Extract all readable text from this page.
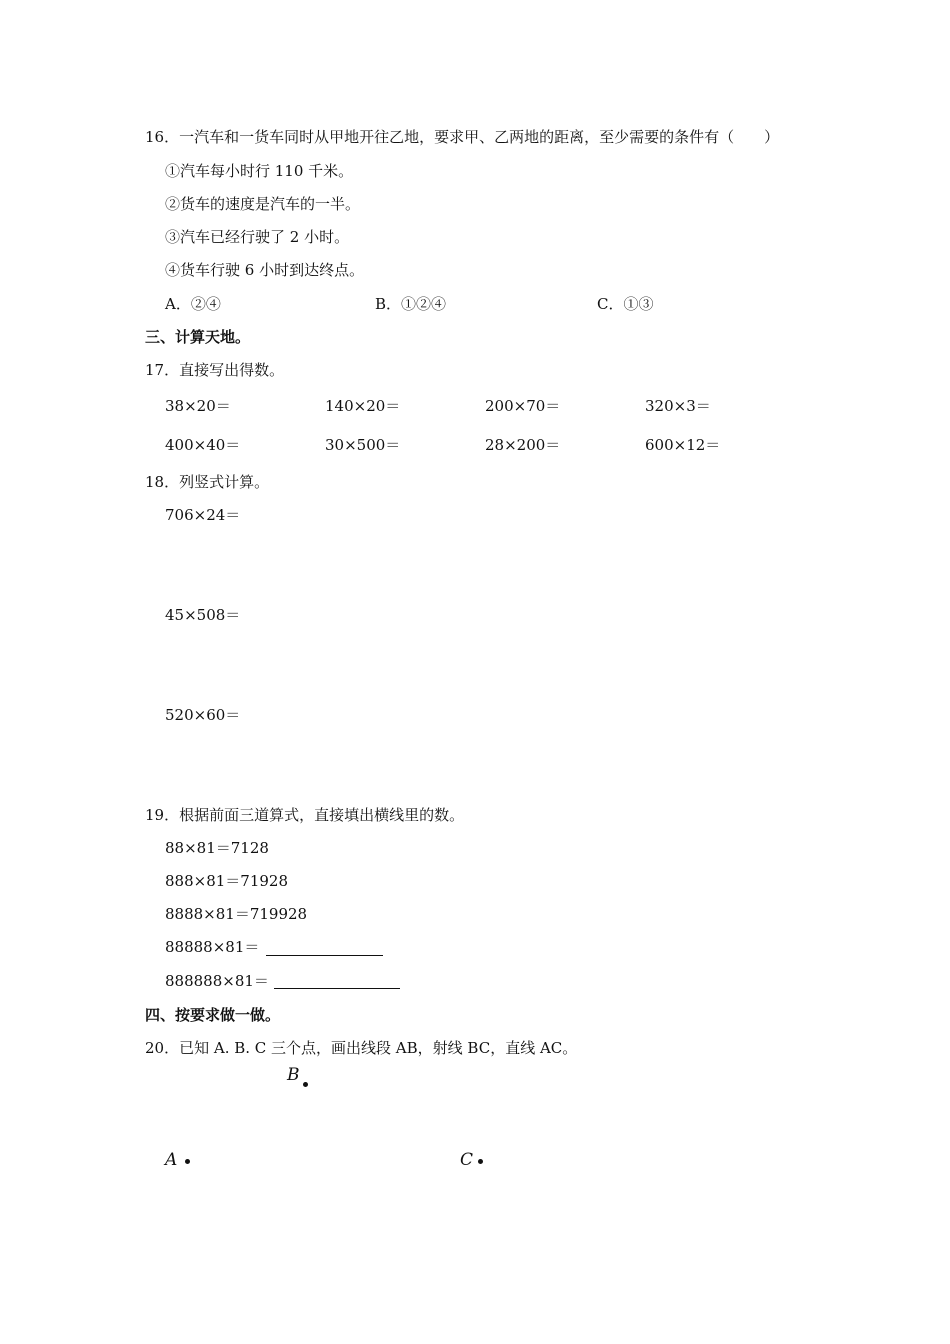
16．一汽车和一货车同时从甲地开往乙地，要求甲、乙两地的距离，至少需要的条件有（　　）
①汽车每小时行 110 千米。
②货车的速度是汽车的一半。
③汽车已经行驶了 2 小时。
④货车行驶 6 小时到达终点。
A．②④	B．①②④	C．①③
三、计算天地。
17．直接写出得数。
38×20＝	140×20＝	200×70＝	320×3＝
400×40＝	30×500＝	28×200＝	600×12＝
18．列竖式计算。
706×24＝
45×508＝
520×60＝
19．根据前面三道算式，直接填出横线里的数。
88×81＝7128
888×81＝71928
8888×81＝719928
88888×81＝
888888×81＝
四、按要求做一做。
20．已知 A. B. C 三个点，画出线段 AB，射线 BC，直线 AC。
B
A	C
